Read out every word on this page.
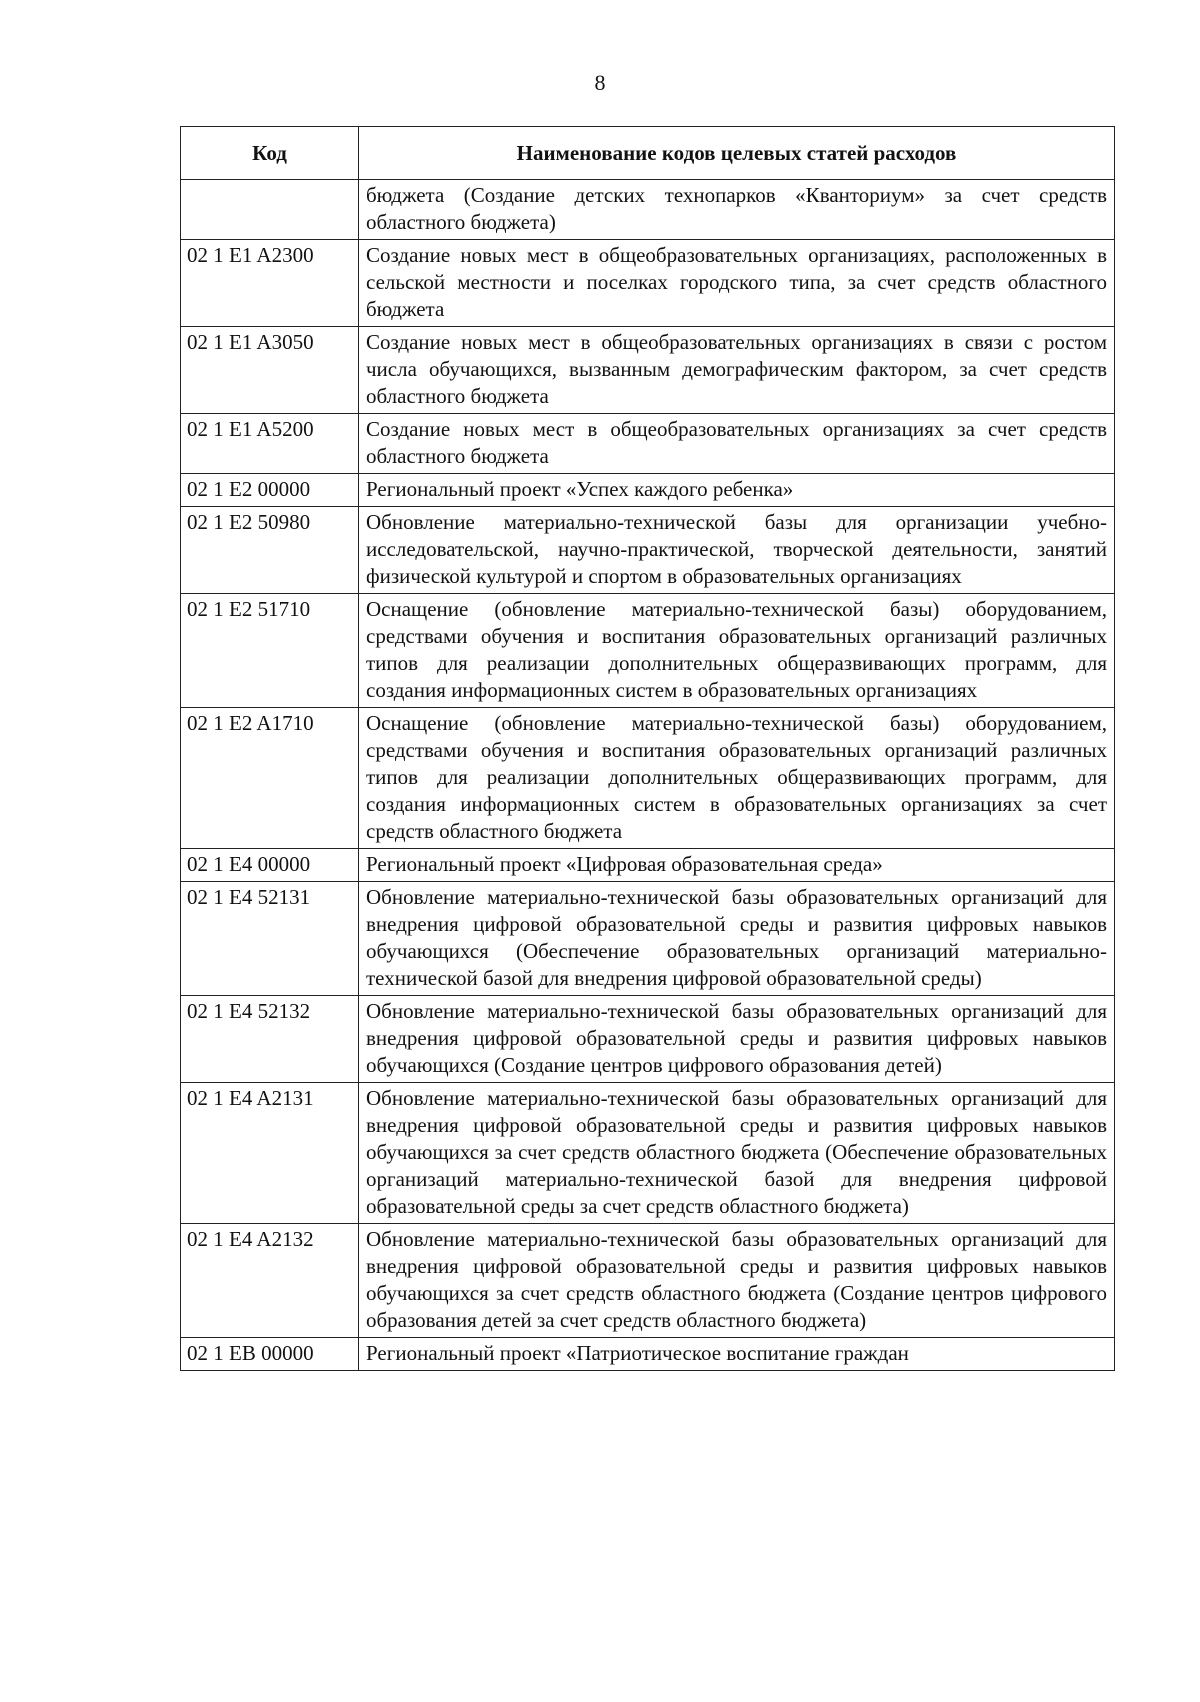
8
Код	Наименование кодов целевых статей расходов
	бюджета (Создание детских технопарков «Кванториум» за счет средств областного бюджета)
02 1 E1 A2300	Создание новых мест в общеобразовательных организациях, расположенных в сельской местности и поселках городского типа, за счет средств областного бюджета
02 1 E1 A3050	Создание новых мест в общеобразовательных организациях в связи с ростом числа обучающихся, вызванным демографическим фактором, за счет средств областного бюджета
02 1 E1 A5200	Создание новых мест в общеобразовательных организациях за счет средств областного бюджета
02 1 E2 00000	Региональный проект «Успех каждого ребенка»
02 1 E2 50980	Обновление материально-технической базы для организации учебно-исследовательской, научно-практической, творческой деятельности, занятий физической культурой и спортом в образовательных организациях
02 1 E2 51710	Оснащение (обновление материально-технической базы) оборудованием, средствами обучения и воспитания образовательных организаций различных типов для реализации дополнительных общеразвивающих программ, для создания информационных систем в образовательных организациях
02 1 E2 A1710	Оснащение (обновление материально-технической базы) оборудованием, средствами обучения и воспитания образовательных организаций различных типов для реализации дополнительных общеразвивающих программ, для создания информационных систем в образовательных организациях за счет средств областного бюджета
02 1 E4 00000	Региональный проект «Цифровая образовательная среда»
02 1 E4 52131	Обновление материально-технической базы образовательных организаций для внедрения цифровой образовательной среды и развития цифровых навыков обучающихся (Обеспечение образовательных организаций материально-технической базой для внедрения цифровой образовательной среды)
02 1 E4 52132	Обновление материально-технической базы образовательных организаций для внедрения цифровой образовательной среды и развития цифровых навыков обучающихся (Создание центров цифрового образования детей)
02 1 E4 A2131	Обновление материально-технической базы образовательных организаций для внедрения цифровой образовательной среды и развития цифровых навыков обучающихся за счет средств областного бюджета (Обеспечение образовательных организаций материально-технической базой для внедрения цифровой образовательной среды за счет средств областного бюджета)
02 1 E4 A2132	Обновление материально-технической базы образовательных организаций для внедрения цифровой образовательной среды и развития цифровых навыков обучающихся за счет средств областного бюджета (Создание центров цифрового образования детей за счет средств областного бюджета)
02 1 EB 00000	Региональный проект «Патриотическое воспитание граждан
